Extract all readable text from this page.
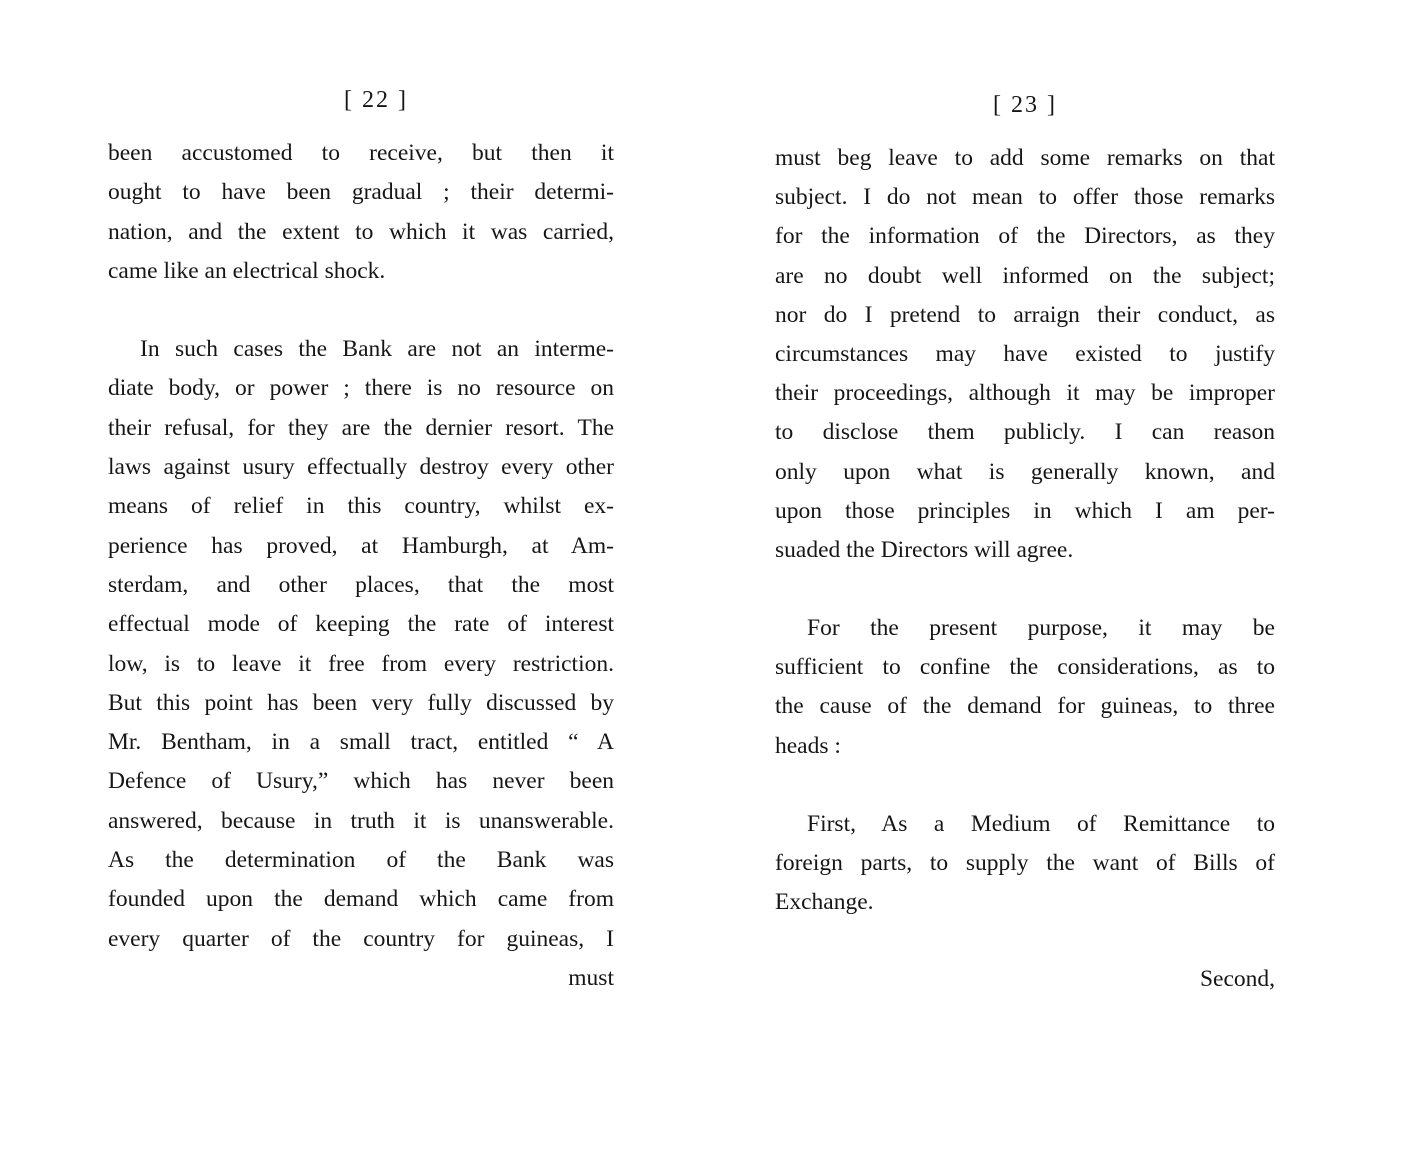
[ 22 ]
been accustomed to receive, but then it
ought to have been gradual ; their determi-
nation, and the extent to which it was carried,
came like an electrical shock.
In such cases the Bank are not an interme-
diate body, or power ; there is no resource on
their refusal, for they are the dernier resort. The
laws against usury effectually destroy every other
means of relief in this country, whilst ex-
perience has proved, at Hamburgh, at Am-
sterdam, and other places, that the most
effectual mode of keeping the rate of interest
low, is to leave it free from every restriction.
But this point has been very fully discussed by
Mr. Bentham, in a small tract, entitled “ A
Defence of Usury,” which has never been
answered, because in truth it is unanswerable.
As the determination of the Bank was
founded upon the demand which came from
every quarter of the country for guineas, I
must
[ 23 ]
must beg leave to add some remarks on that
subject. I do not mean to offer those remarks
for the information of the Directors, as they
are no doubt well informed on the subject;
nor do I pretend to arraign their conduct, as
circumstances may have existed to justify
their proceedings, although it may be improper
to disclose them publicly. I can reason
only upon what is generally known, and
upon those principles in which I am per-
suaded the Directors will agree.
For the present purpose, it may be
sufficient to confine the considerations, as to
the cause of the demand for guineas, to three
heads :
First, As a Medium of Remittance to
foreign parts, to supply the want of Bills of
Exchange.
Second,
